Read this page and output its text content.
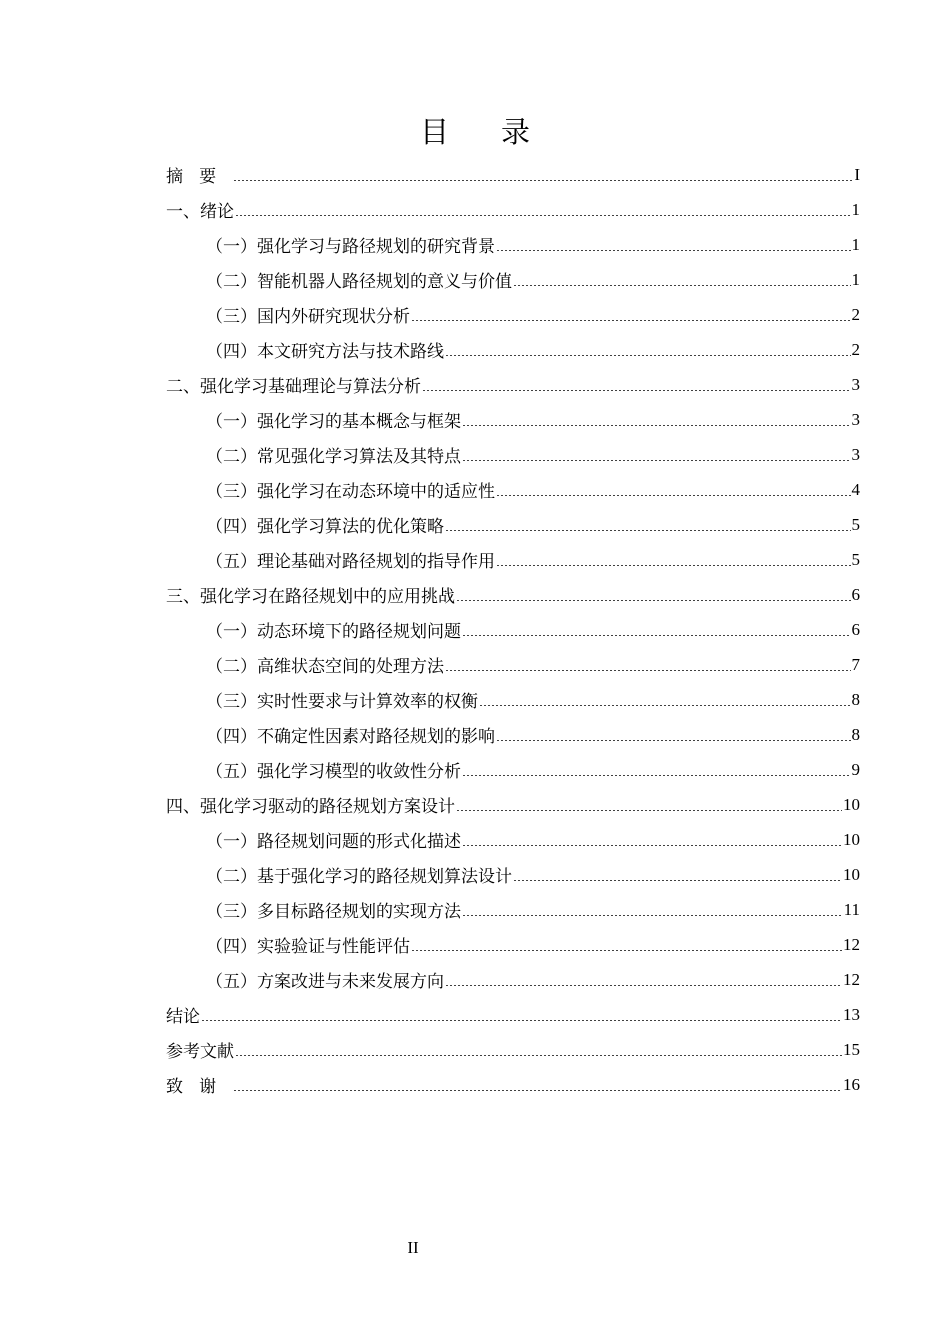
目录
摘要	I
一、绪论	1
（一）强化学习与路径规划的研究背景	1
（二）智能机器人路径规划的意义与价值	1
（三）国内外研究现状分析	2
（四）本文研究方法与技术路线	2
二、强化学习基础理论与算法分析	3
（一）强化学习的基本概念与框架	3
（二）常见强化学习算法及其特点	3
（三）强化学习在动态环境中的适应性	4
（四）强化学习算法的优化策略	5
（五）理论基础对路径规划的指导作用	5
三、强化学习在路径规划中的应用挑战	6
（一）动态环境下的路径规划问题	6
（二）高维状态空间的处理方法	7
（三）实时性要求与计算效率的权衡	8
（四）不确定性因素对路径规划的影响	8
（五）强化学习模型的收敛性分析	9
四、强化学习驱动的路径规划方案设计	10
（一）路径规划问题的形式化描述	10
（二）基于强化学习的路径规划算法设计	10
（三）多目标路径规划的实现方法	11
（四）实验验证与性能评估	12
（五）方案改进与未来发展方向	12
结论	13
参考文献	15
致谢	16
II
